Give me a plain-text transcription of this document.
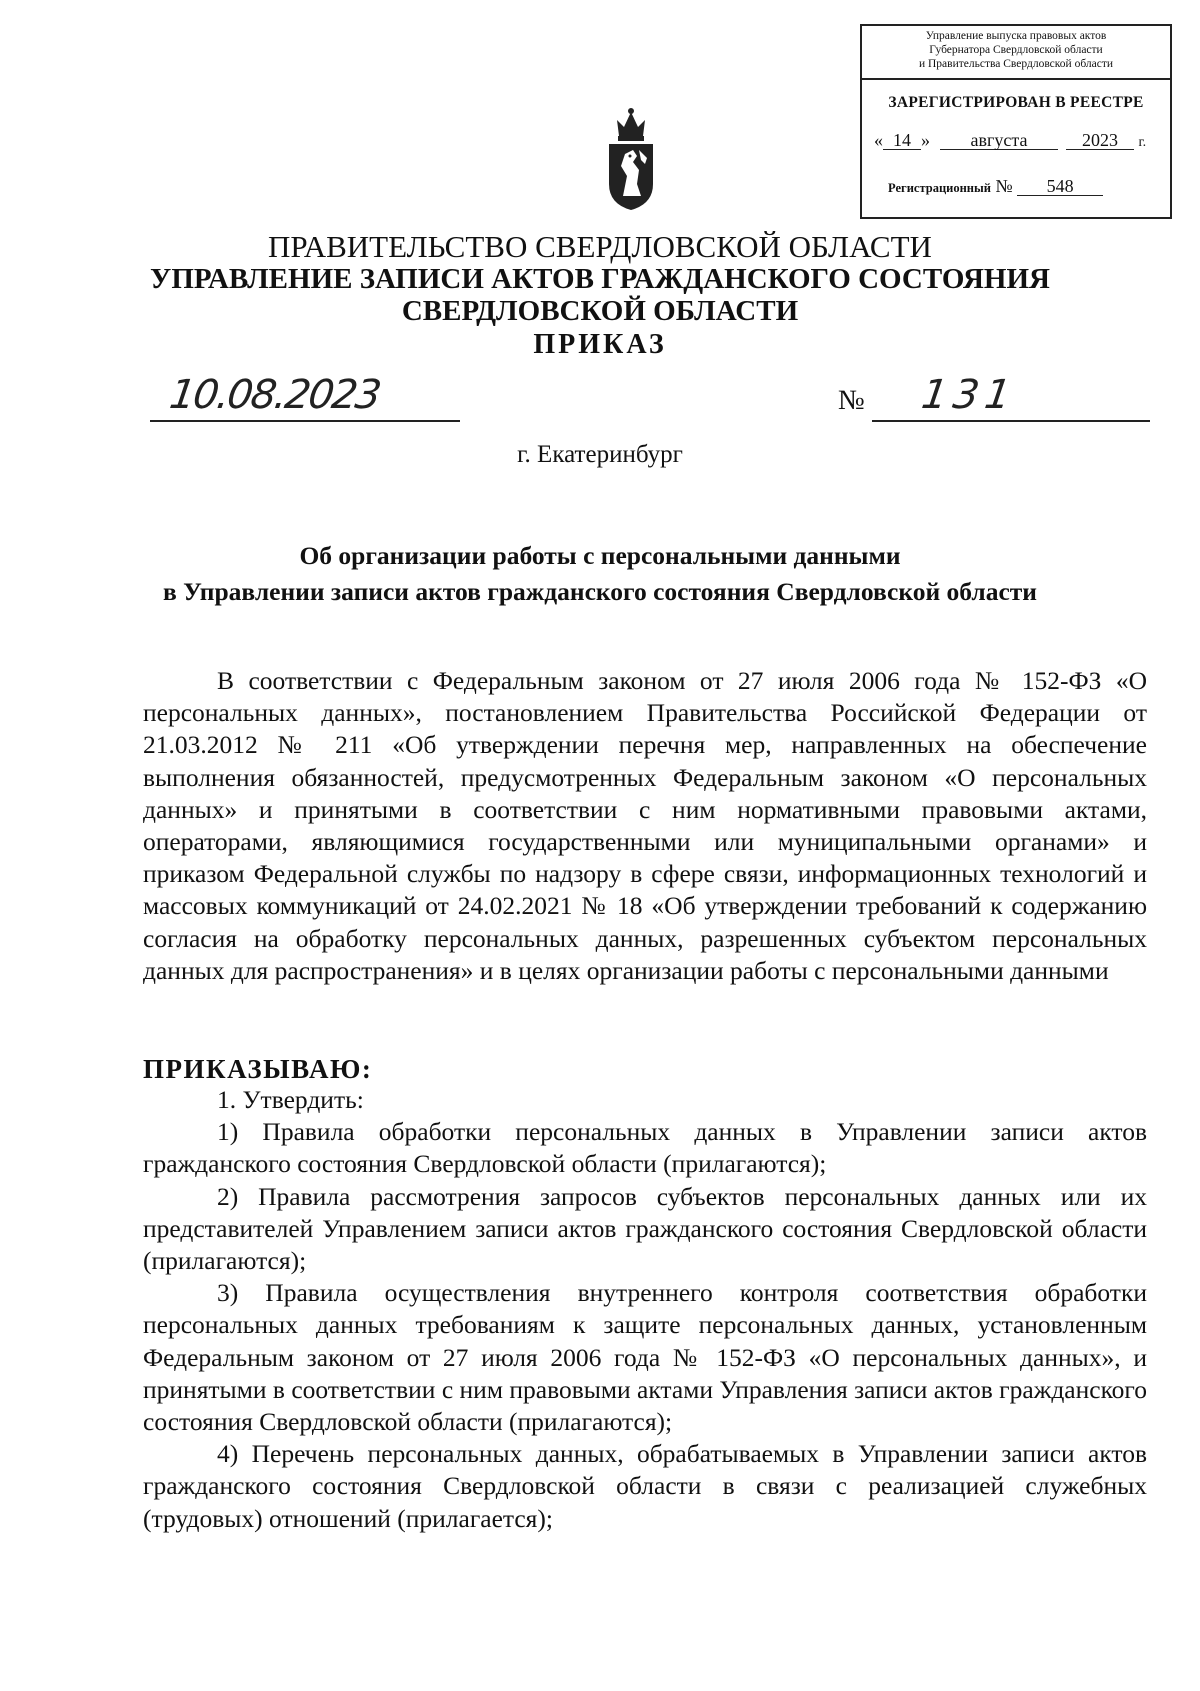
Управление выпуска правовых актов
Губернатора Свердловской области
и Правительства Свердловской области
ЗАРЕГИСТРИРОВАН В РЕЕСТРЕ
« 14 » августа	2023 г.
Регистрационный № 548
ПРАВИТЕЛЬСТВО СВЕРДЛОВСКОЙ ОБЛАСТИ
УПРАВЛЕНИЕ ЗАПИСИ АКТОВ ГРАЖДАНСКОГО СОСТОЯНИЯ
СВЕРДЛОВСКОЙ ОБЛАСТИ
ПРИКАЗ
10.08.2023	№ 131
г. Екатеринбург
Об организации работы с персональными данными
в Управлении записи актов гражданского состояния Свердловской области
В соответствии с Федеральным законом от 27 июля 2006 года № 152-ФЗ «О персональных данных», постановлением Правительства Российской Федерации от 21.03.2012 № 211 «Об утверждении перечня мер, направленных на обеспечение выполнения обязанностей, предусмотренных Федеральным законом «О персональных данных» и принятыми в соответствии с ним нормативными правовыми актами, операторами, являющимися государственными или муниципальными органами» и приказом Федеральной службы по надзору в сфере связи, информационных технологий и массовых коммуникаций от 24.02.2021 № 18 «Об утверждении требований к содержанию согласия на обработку персональных данных, разрешенных субъектом персональных данных для распространения» и в целях организации работы с персональными данными
ПРИКАЗЫВАЮ:

1. Утвердить:

1) Правила обработки персональных данных в Управлении записи актов гражданского состояния Свердловской области (прилагаются);

2) Правила рассмотрения запросов субъектов персональных данных или их представителей Управлением записи актов гражданского состояния Свердловской области (прилагаются);

3) Правила осуществления внутреннего контроля соответствия обработки персональных данных требованиям к защите персональных данных, установленным Федеральным законом от 27 июля 2006 года № 152-ФЗ «О персональных данных», и принятыми в соответствии с ним правовыми актами Управления записи актов гражданского состояния Свердловской области (прилагаются);

4) Перечень персональных данных, обрабатываемых в Управлении записи актов гражданского состояния Свердловской области в связи с реализацией служебных (трудовых) отношений (прилагается);
